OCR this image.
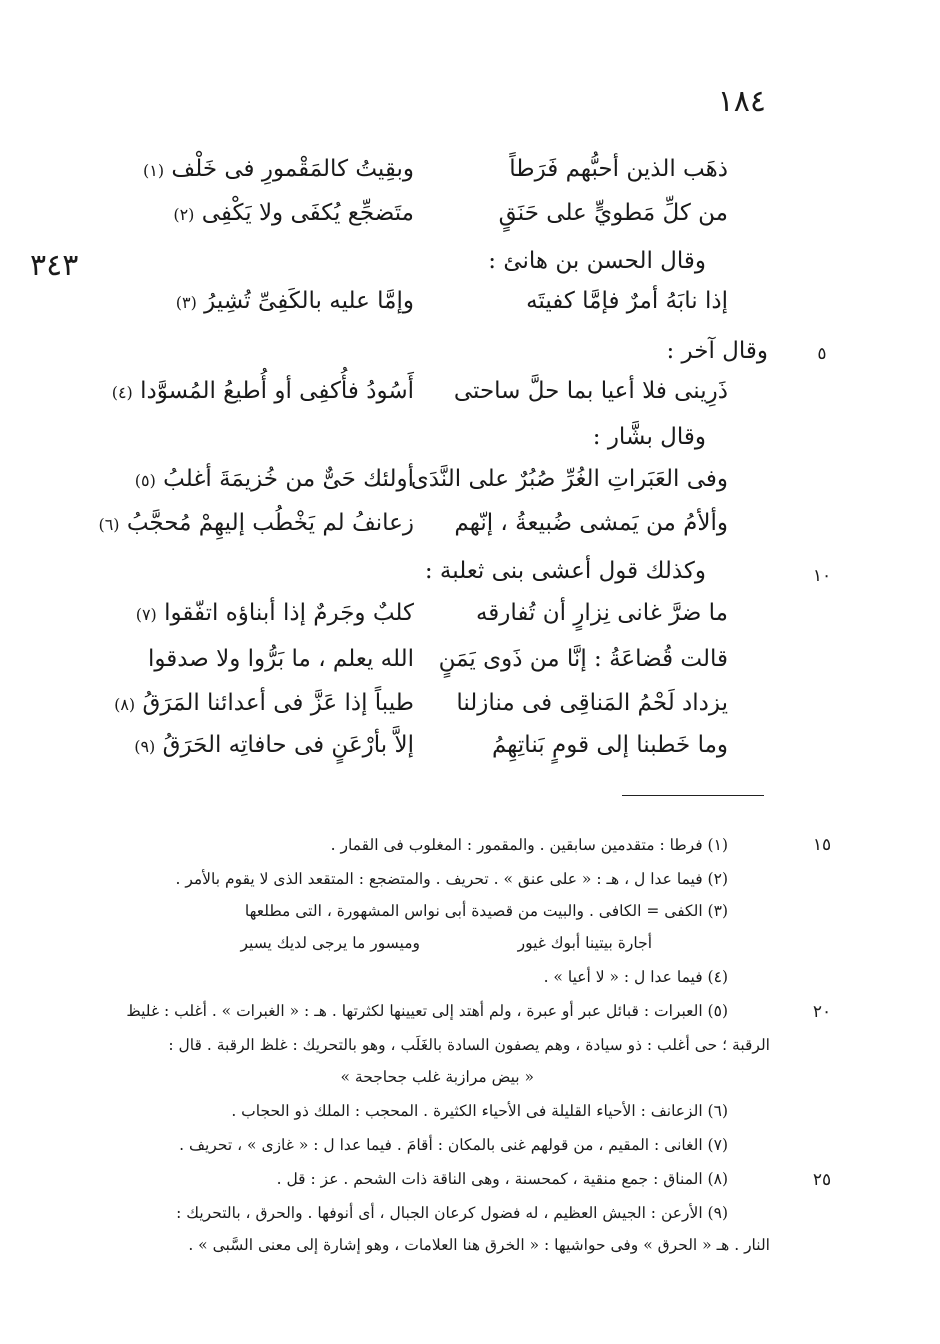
١٨٤
٣٤٣
٥
١٠
١٥
٢٠
٢٥
ذهَب الذين أحبُّهم فَرَطاً
وبقِيتُ كالمَقْمورِ فى خَلْف (١)
من كلِّ مَطويٍّ على حَنَقٍ
متَضجِّع يُكفَى ولا يَكْفِى (٢)
وقال الحسن بن هانئ :
إذا نابَهُ أمرٌ فإمَّا كفيتَه
وإمَّا عليه بالكَفِىِّ تُشِيرُ (٣)
وقال آخر :
ذَرِينى فلا أعيا بما حلَّ ساحتى
أَسُودُ فأُكفِى أو أُطيعُ المُسوَّدا (٤)
وقال بشَّار :
وفى العَبَراتِ الغُرِّ صُبُرٌ على النَّدَى
أولئك حَىٌّ من خُزيمَةَ أغلبُ (٥)
وألأمُ من يَمشى ضُبيعةُ ، إنّهم
زعانفُ لم يَخْطُب إليهِمْ مُحجَّبُ (٦)
وكذلك قول أعشى بنى ثعلبة :
ما ضرَّ غانى نِزارٍ أن تُفارقه
كلبٌ وجَرمٌ إذا أبناؤه اتفّقوا (٧)
قالت قُضاعَةُ : إنَّا من ذَوى يَمَنٍ
الله يعلم ، ما بَرُّوا ولا صدقوا
يزداد لَحْمُ المَناقِى فى منازلنا
طيباً إذا عَزَّ فى أعدائنا المَرَقُ (٨)
وما خَطبنا إلى قومٍ بَناتِهِمُ
إلاَّ بأرْعَنٍ فى حافاتِه الحَرَقُ (٩)
(١) فرطا : متقدمين سابقين . والمقمور : المغلوب فى القمار .
(٢) فيما عدا ل ، هـ : « على عنق » . تحريف . والمتضجع : المتقعد الذى لا يقوم بالأمر .
(٣) الكفى = الكافى . والبيت من قصيدة أبى نواس المشهورة ، التى مطلعها
أجارة بيتينا أبوك غيور
وميسور ما يرجى لديك يسير
(٤) فيما عدا ل : « لا أعيا » .
(٥) العبرات : قبائل عبر أو عبرة ، ولم أهتد إلى تعيينها لكثرتها . هـ : « الغبرات » . أغلب : غليظ
الرقبة ؛ حى أغلب : ذو سيادة ، وهم يصفون السادة بالغَلَب ، وهو بالتحريك : غلظ الرقبة . قال :
« بيض مرازبة غلب جحاجحة »
(٦) الزعانف : الأحياء القليلة فى الأحياء الكثيرة . المحجب : الملك ذو الحجاب .
(٧) الغانى : المقيم ، من قولهم غنى بالمكان : أقامَ . فيما عدا ل : « غازى » ، تحريف .
(٨) المناق : جمع منقية ، كمحسنة ، وهى الناقة ذات الشحم . عز : قل .
(٩) الأرعن : الجيش العظيم ، له فضول كرعان الجبال ، أى أنوفها . والحرق ، بالتحريك :
النار . هـ « الحرق » وفى حواشيها : « الخرق هنا العلامات ، وهو إشارة إلى معنى السَّبى » .
